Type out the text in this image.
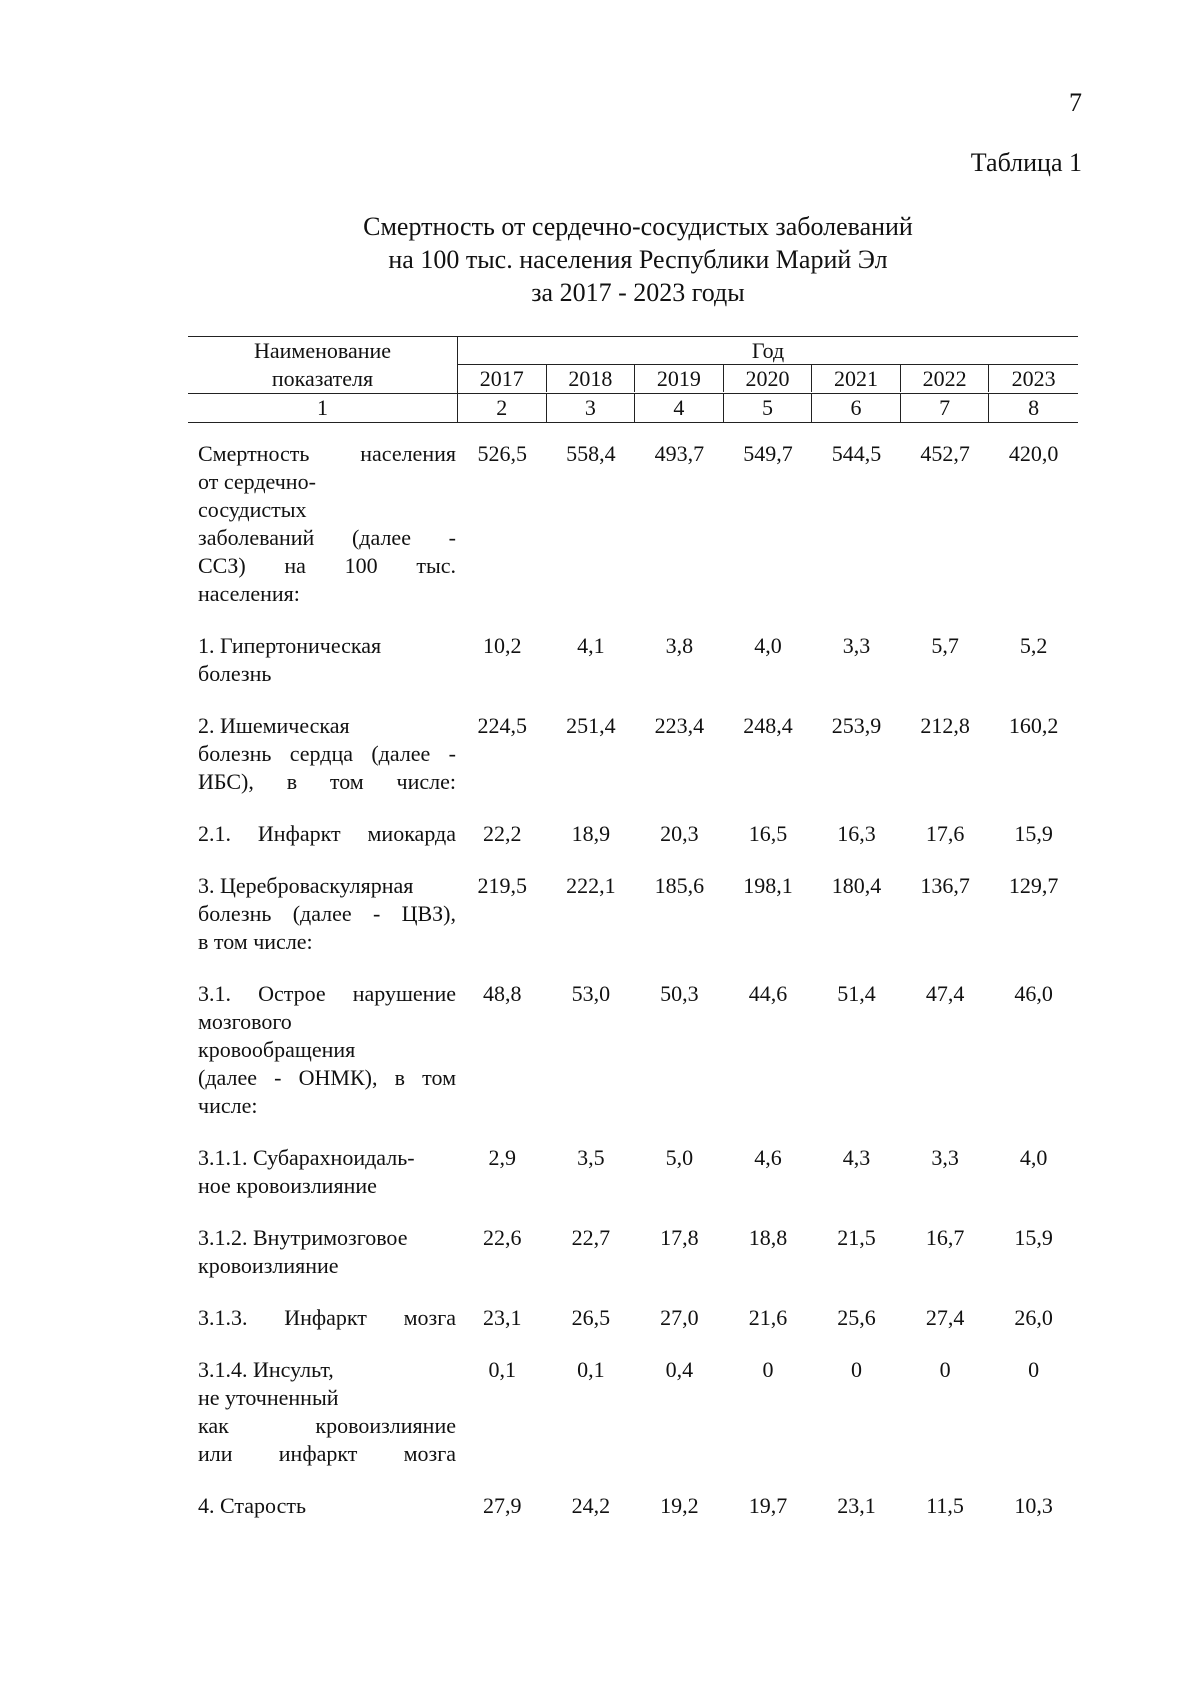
7
Таблица 1
Смертность от сердечно-сосудистых заболеваний
на 100 тыс. населения Республики Марий Эл
за 2017 - 2023 годы
Наименование
показателя
Год
2017	2018	2019	2020	2021	2022	2023
1	2	3	4	5	6	7	8
Смертность населения
от сердечно-
сосудистых
заболеваний (далее -
ССЗ) на 100 тыс.
населения:
526,5	558,4	493,7	549,7	544,5	452,7	420,0
1. Гипертоническая
болезнь
10,2	4,1	3,8	4,0	3,3	5,7	5,2
2. Ишемическая
болезнь сердца (далее -
ИБС), в том числе:
224,5	251,4	223,4	248,4	253,9	212,8	160,2
2.1. Инфаркт миокарда	22,2	18,9	20,3	16,5	16,3	17,6	15,9
3. Цереброваскулярная
болезнь (далее - ЦВЗ),
в том числе:
219,5	222,1	185,6	198,1	180,4	136,7	129,7
3.1. Острое нарушение
мозгового
кровообращения
(далее - ОНМК), в том
числе:
48,8	53,0	50,3	44,6	51,4	47,4	46,0
3.1.1. Субарахноидаль-
ное кровоизлияние
2,9	3,5	5,0	4,6	4,3	3,3	4,0
3.1.2. Внутримозговое
кровоизлияние
22,6	22,7	17,8	18,8	21,5	16,7	15,9
3.1.3. Инфаркт мозга	23,1	26,5	27,0	21,6	25,6	27,4	26,0
3.1.4. Инсульт,
не уточненный
как кровоизлияние
или инфаркт мозга
0,1	0,1	0,4	0	0	0	0
4. Старость	27,9	24,2	19,2	19,7	23,1	11,5	10,3
